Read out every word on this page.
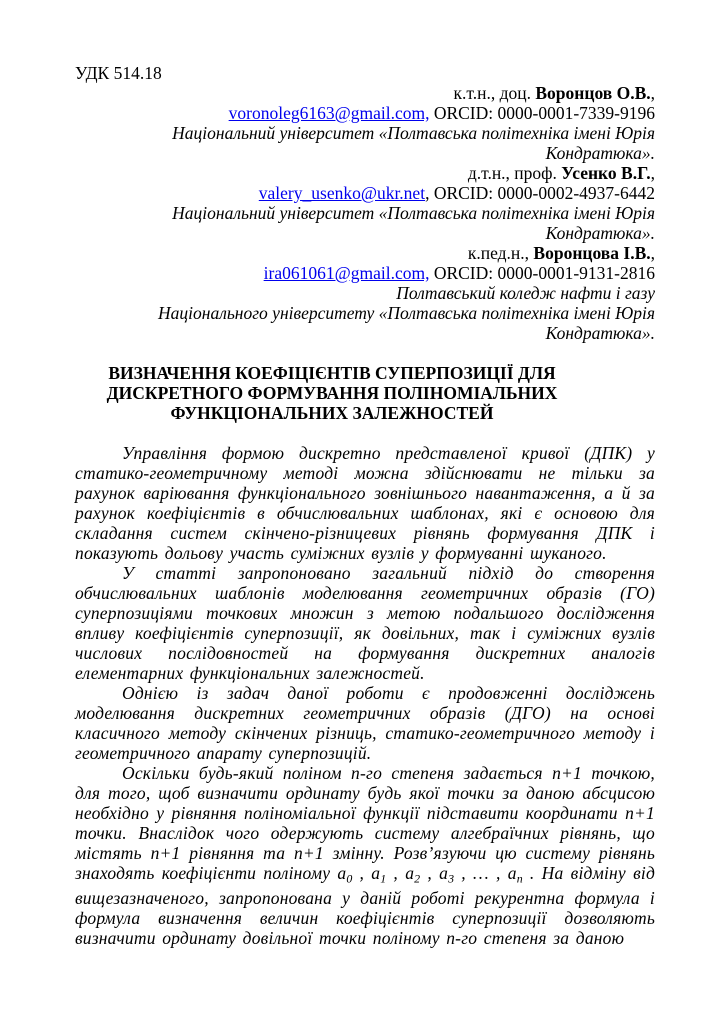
УДК 514.18
к.т.н., доц. Воронцов О.В.,
voronoleg6163@gmail.com, ORCID: 0000-0001-7339-9196
Національний університет «Полтавська політехніка імені Юрія
Кондратюка».
д.т.н., проф. Усенко В.Г.,
valery_usenko@ukr.net, ORCID: 0000-0002-4937-6442
Національний університет «Полтавська політехніка імені Юрія
Кондратюка».
к.пед.н., Воронцова І.В.,
ira061061@gmail.com, ORCID: 0000-0001-9131-2816
Полтавський коледж нафти і газу
Національного університету «Полтавська політехніка імені Юрія
Кондратюка».
ВИЗНАЧЕННЯ КОЕФІЦІЄНТІВ СУПЕРПОЗИЦІЇ ДЛЯ
ДИСКРЕТНОГО ФОРМУВАННЯ ПОЛІНОМІАЛЬНИХ
ФУНКЦІОНАЛЬНИХ ЗАЛЕЖНОСТЕЙ

Управління формою дискретно представленої кривої (ДПК) у статико-геометричному методі можна здійснювати не тільки за рахунок варіювання функціонального зовнішнього навантаження, а й за рахунок коефіцієнтів в обчислювальних шаблонах, які є основою для складання систем скінчено-різницевих рівнянь формування ДПК і показують дольову участь суміжних вузлів у формуванні шуканого.

У статті запропоновано загальний підхід до створення обчислювальних шаблонів моделювання геометричних образів (ГО) суперпозиціями точкових множин з метою подальшого дослідження впливу коефіцієнтів суперпозиції, як довільних, так і суміжних вузлів числових послідовностей на формування дискретних аналогів елементарних функціональних залежностей.

Однією із задач даної роботи є продовженні досліджень моделювання дискретних геометричних образів (ДГО) на основі класичного методу скінчених різниць, статико-геометричного методу і геометричного апарату суперпозицій.

Оскільки будь-який поліном n-го степеня задається n+1 точкою, для того, щоб визначити ординату будь якої точки за даною абсцисою необхідно у рівняння поліноміальної функції підставити координати n+1 точки. Внаслідок чого одержують систему алгебраїчних рівнянь, що містять n+1 рівняння та n+1 змінну. Розв’язуючи цю систему рівнянь знаходять коефіцієнти поліному $a_0$ , $a_1$ , $a_2$ , $a_3$ , … , $a_n$ . На відміну від вищезазначеного, запропонована у даній роботі рекурентна формула і формула визначення величин коефіцієнтів суперпозиції дозволяють визначити ординату довільної точки поліному n-го степеня за даною
